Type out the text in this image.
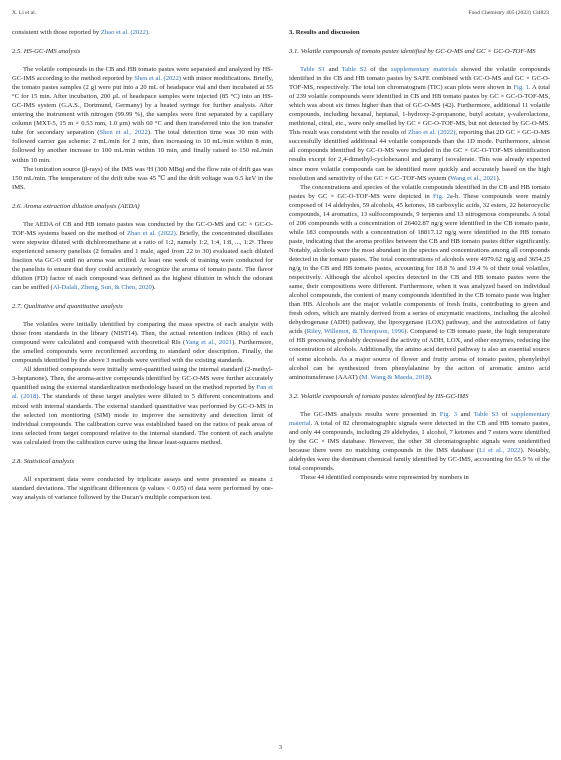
X. Li et al.	Food Chemistry 405 (2023) 134823

consistent with those reported by Zhao et al. (2022).

2.5. HS-GC-IMS analysis

The volatile compounds in the CB and HB tomato pastes were separated and analyzed by HS-GC-IMS according to the method reported by Shen et al. (2022) with minor modifications. Briefly, the tomato pastes samples (2 g) were put into a 20 mL of headspace vial and then incubated at 55 °C for 15 min. After incubation, 200 μL of headspace samples were injected (85 °C) into an HS-GC-IMS system (G.A.S., Dortmund, Germany) by a heated syringe for further analysis. After entering the instrument with nitrogen (99.99 %), the samples were first separated by a capillary column (MXT-5, 15 m × 0.53 mm, 1.0 μm) with 60 °C and then transferred into the ion transfer tube for secondary separation (Shen et al., 2022). The total detection time was 30 min with followed carrier gas scheme: 2 mL/min for 2 min, then increasing to 10 mL/min within 8 min, followed by another increase to 100 mL/min within 10 min, and finally raised to 150 mL/min within 10 min.

The ionization source (β-rays) of the IMS was ³H (300 MBq) and the flow rate of drift gas was 150 mL/min. The temperature of the drift tube was 45 ℃ and the drift voltage was 6.5 keV in the IMS.

2.6. Aroma extraction dilution analysis (AEDA)

The AEDA of CB and HB tomato pastes was conducted by the GC-O-MS and GC × GC-O-TOF-MS systems based on the method of Zhao et al. (2022). Briefly, the concentrated distillates were stepwise diluted with dichloromethane at a ratio of 1:2, namely 1:2, 1:4, 1:8, ..., 1:2ⁿ. Three experienced sensory panelists (2 females and 1 male, aged from 22 to 30) evaluated each diluted fraction via GC-O until no aroma was sniffed. At least one week of training were conducted for the panelists to ensure that they could accurately recognize the aroma of tomato paste. The flavor dilution (FD) factor of each compound was defined as the highest dilution in which the odorant can be sniffed (Al-Dalali, Zheng, Sun, & Chen, 2020).

2.7. Qualitative and quantitative analysis

The volatiles were initially identified by comparing the mass spectra of each analyte with those from standards in the library (NIST14). Then, the actual retention indices (RIs) of each compound were calculated and compared with theoretical RIs (Yang et al., 2021). Furthermore, the smelled compounds were reconfirmed according to standard odor description. Finally, the compounds identified by the above 3 methods were verified with the existing standards.

All identified compounds were initially semi-quantified using the internal standard (2-methyl-3-heptanone). Then, the aroma-active compounds identified by GC-O-MS were further accurately quantified using the external standardization methodology based on the method reported by Fan et al. (2018). The standards of these target analytes were diluted to 5 different concentrations and mixed with internal standards. The external standard quantitative was performed by GC-O-MS in the selected ion monitoring (SIM) mode to improve the sensitivity and detection limit of individual compounds. The calibration curve was established based on the ratios of peak areas of ions selected from target compound relative to the internal standard. The content of each analyte was calculated from the calibration curve using the linear least-squares method.

2.8. Statistical analysis

All experiment data were conducted by triplicate assays and were presented as means ± standard deviations. The significant differences (p values < 0.05) of data were performed by one-way analysis of variance followed by the Ducan’s multiple comparison test.

3. Results and discussion
3.1. Volatile compounds of tomato pastes identified by GC-O-MS and GC × GC-O-TOF-MS

Table S1 and Table S2 of the supplementary materials showed the volatile compounds identified in the CB and HB tomato pastes by SAFE combined with GC-O-MS and GC × GC-O-TOF-MS, respectively. The total ion chromatogram (TIC) scan plots were shown in Fig. 1. A total of 239 volatile compounds were identified in CB and HB tomato pastes by GC × GC-O-TOF-MS, which was about six times higher than that of GC-O-MS (42). Furthermore, additional 11 volatile compounds, including hexanal, heptanal, 1-hydroxy-2-propanone, butyl acetate, γ-valerolactone, methional, citral, etc., were only smelled by GC × GC-O-TOF-MS, but not detected by GC-O-MS. This result was consistent with the results of Zhao et al. (2022), reporting that 2D GC × GC-O-MS successfully identified additional 44 volatile compounds than the 1D mode. Furthermore, almost all compounds identified by GC-O-MS were included in the GC × GC-O-TOF-MS identification results except for 2,4-dimethyl-cyclohexanol and geranyl isovalerate. This was already expected since more volatile compounds can be identified more quickly and accurately based on the high resolution and sensitivity of the GC × GC–TOF-MS system (Wang et al., 2021).

The concentrations and species of the volatile compounds identified in the CB and HB tomato pastes by GC × GC-O-TOF-MS were depicted in Fig. 2a-b. These compounds were mainly composed of 14 aldehydes, 59 alcohols, 45 ketones, 18 carboxylic acids, 32 esters, 22 heterocyclic compounds, 14 aromatics, 13 sulfocompounds, 9 terpenes and 13 nitrogenous compounds. A total of 206 compounds with a concentration of 26402.87 ng/g were identified in the CB tomato paste, while 183 compounds with a concentration of 18817.12 ng/g were identified in the HB tomato paste, indicating that the aroma profiles between the CB and HB tomato pastes differ significantly. Notably, alcohols were the most abundant in the species and concentrations among all compounds detected in the tomato pastes. The total concentrations of alcohols were 4979.62 ng/g and 3654.25 ng/g in the CB and HB tomato pastes, accounting for 18.8 % and 19.4 % of their total volatiles, respectively. Although the alcohol species detected in the CB and HB tomato pastes were the same, their compositions were different. Furthermore, when it was analyzed based on individual alcohol compounds, the content of many compounds identified in the CB tomato paste was higher than HB. Alcohols are the major volatile components of fresh fruits, contributing to green and fresh odors, which are mainly derived from a series of enzymatic reactions, including the alcohol dehydrogenase (ADH) pathway, the lipoxygenase (LOX) pathway, and the autoxidation of fatty acids (Riley, Willemot, & Thompson, 1996). Compared to CB tomato paste, the high temperature of HB processing probably decreased the activity of ADH, LOX, and other enzymes, reducing the concentration of alcohols. Additionally, the amino acid derived pathway is also an essential source of some alcohols. As a major source of flower and fruity aroma of tomato pastes, phenylethyl alcohol can be synthesized from phenylalanine by the action of aromatic amino acid aminotransferase (AAAT) (M. Wang & Maeda, 2018).

3.2. Volatile compounds of tomato pastes identified by HS-GC-IMS

The GC-IMS analysis results were presented in Fig. 3 and Table S3 of supplementary material. A total of 82 chromatographic signals were detected in the CB and HB tomato pastes, and only 44 compounds, including 29 aldehydes, 1 alcohol, 7 ketones and 7 esters were identified by the GC × IMS database. However, the other 38 chromatographic signals were unidentified because there were no matching compounds in the IMS database (Li et al., 2022). Notably, aldehydes were the dominant chemical family identified by GC-IMS, accounting for 65.9 % of the total compounds.

These 44 identified compounds were represented by numbers in

3
